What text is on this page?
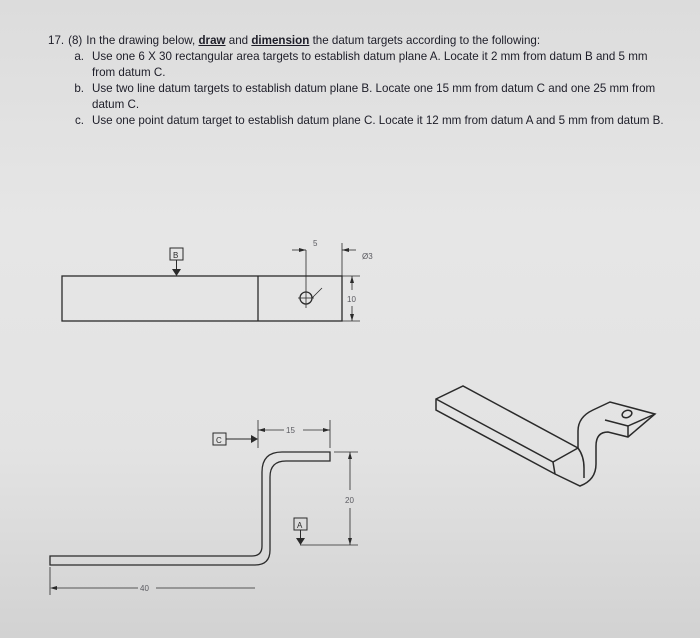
17. (8) In the drawing below, draw and dimension the datum targets according to the following:
a. Use one 6 X 30 rectangular area targets to establish datum plane A. Locate it 2 mm from datum B and 5 mm from datum C.
b. Use two line datum targets to establish datum plane B. Locate one 15 mm from datum C and one 25 mm from datum C.
c. Use one point datum target to establish datum plane C. Locate it 12 mm from datum A and 5 mm from datum B.
5
Ø3
10
15
20
40
B
C
A
